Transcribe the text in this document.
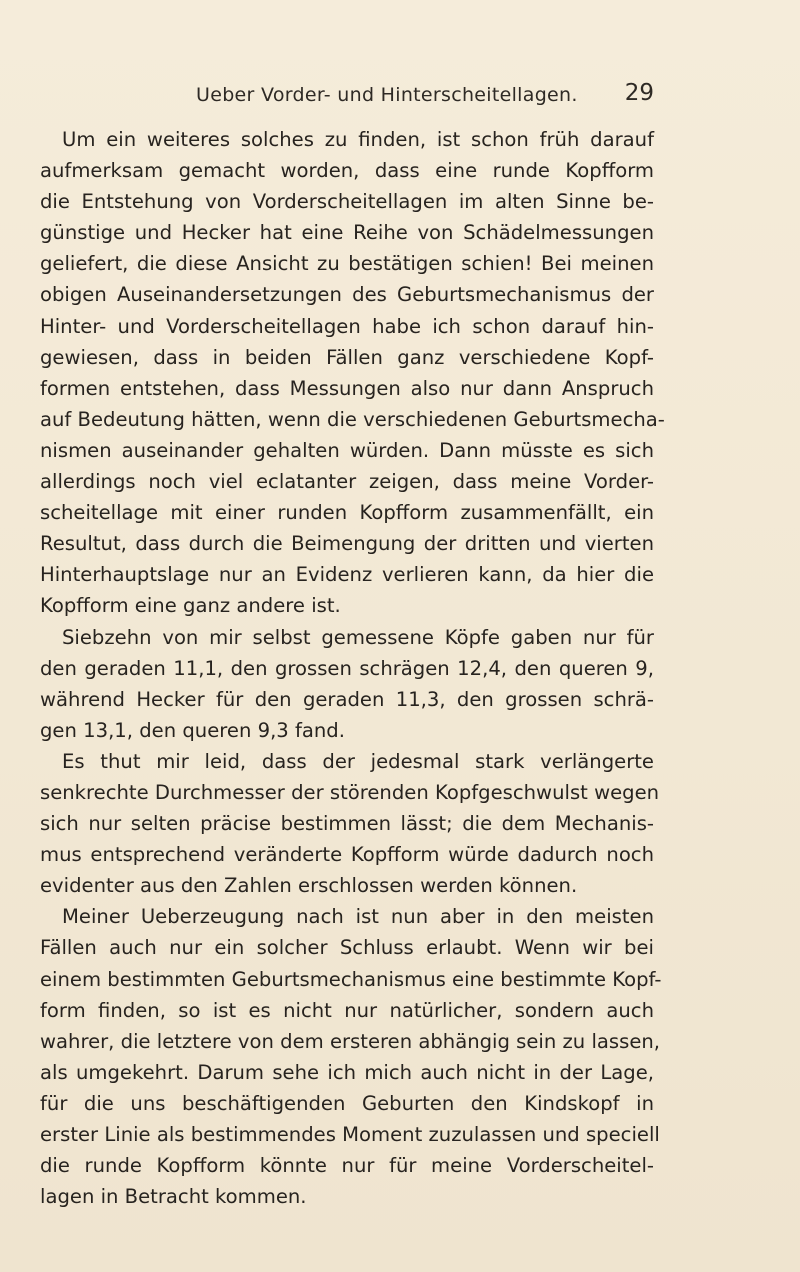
Ueber Vorder- und Hinterscheitellagen. 29
Um ein weiteres solches zu finden, ist schon früh darauf
aufmerksam gemacht worden, dass eine runde Kopfform
die Entstehung von Vorderscheitellagen im alten Sinne be-
günstige und Hecker hat eine Reihe von Schädelmessungen
geliefert, die diese Ansicht zu bestätigen schien! Bei meinen
obigen Auseinandersetzungen des Geburtsmechanismus der
Hinter- und Vorderscheitellagen habe ich schon darauf hin-
gewiesen, dass in beiden Fällen ganz verschiedene Kopf-
formen entstehen, dass Messungen also nur dann Anspruch
auf Bedeutung hätten, wenn die verschiedenen Geburtsmecha-
nismen auseinander gehalten würden. Dann müsste es sich
allerdings noch viel eclatanter zeigen, dass meine Vorder-
scheitellage mit einer runden Kopfform zusammenfällt, ein
Resultut, dass durch die Beimengung der dritten und vierten
Hinterhauptslage nur an Evidenz verlieren kann, da hier die
Kopfform eine ganz andere ist.
Siebzehn von mir selbst gemessene Köpfe gaben nur für
den geraden 11,1, den grossen schrägen 12,4, den queren 9,
während Hecker für den geraden 11,3, den grossen schrä-
gen 13,1, den queren 9,3 fand.
Es thut mir leid, dass der jedesmal stark verlängerte
senkrechte Durchmesser der störenden Kopfgeschwulst wegen
sich nur selten präcise bestimmen lässt; die dem Mechanis-
mus entsprechend veränderte Kopfform würde dadurch noch
evidenter aus den Zahlen erschlossen werden können.
Meiner Ueberzeugung nach ist nun aber in den meisten
Fällen auch nur ein solcher Schluss erlaubt. Wenn wir bei
einem bestimmten Geburtsmechanismus eine bestimmte Kopf-
form finden, so ist es nicht nur natürlicher, sondern auch
wahrer, die letztere von dem ersteren abhängig sein zu lassen,
als umgekehrt. Darum sehe ich mich auch nicht in der Lage,
für die uns beschäftigenden Geburten den Kindskopf in
erster Linie als bestimmendes Moment zuzulassen und speciell
die runde Kopfform könnte nur für meine Vorderscheitel-
lagen in Betracht kommen.
